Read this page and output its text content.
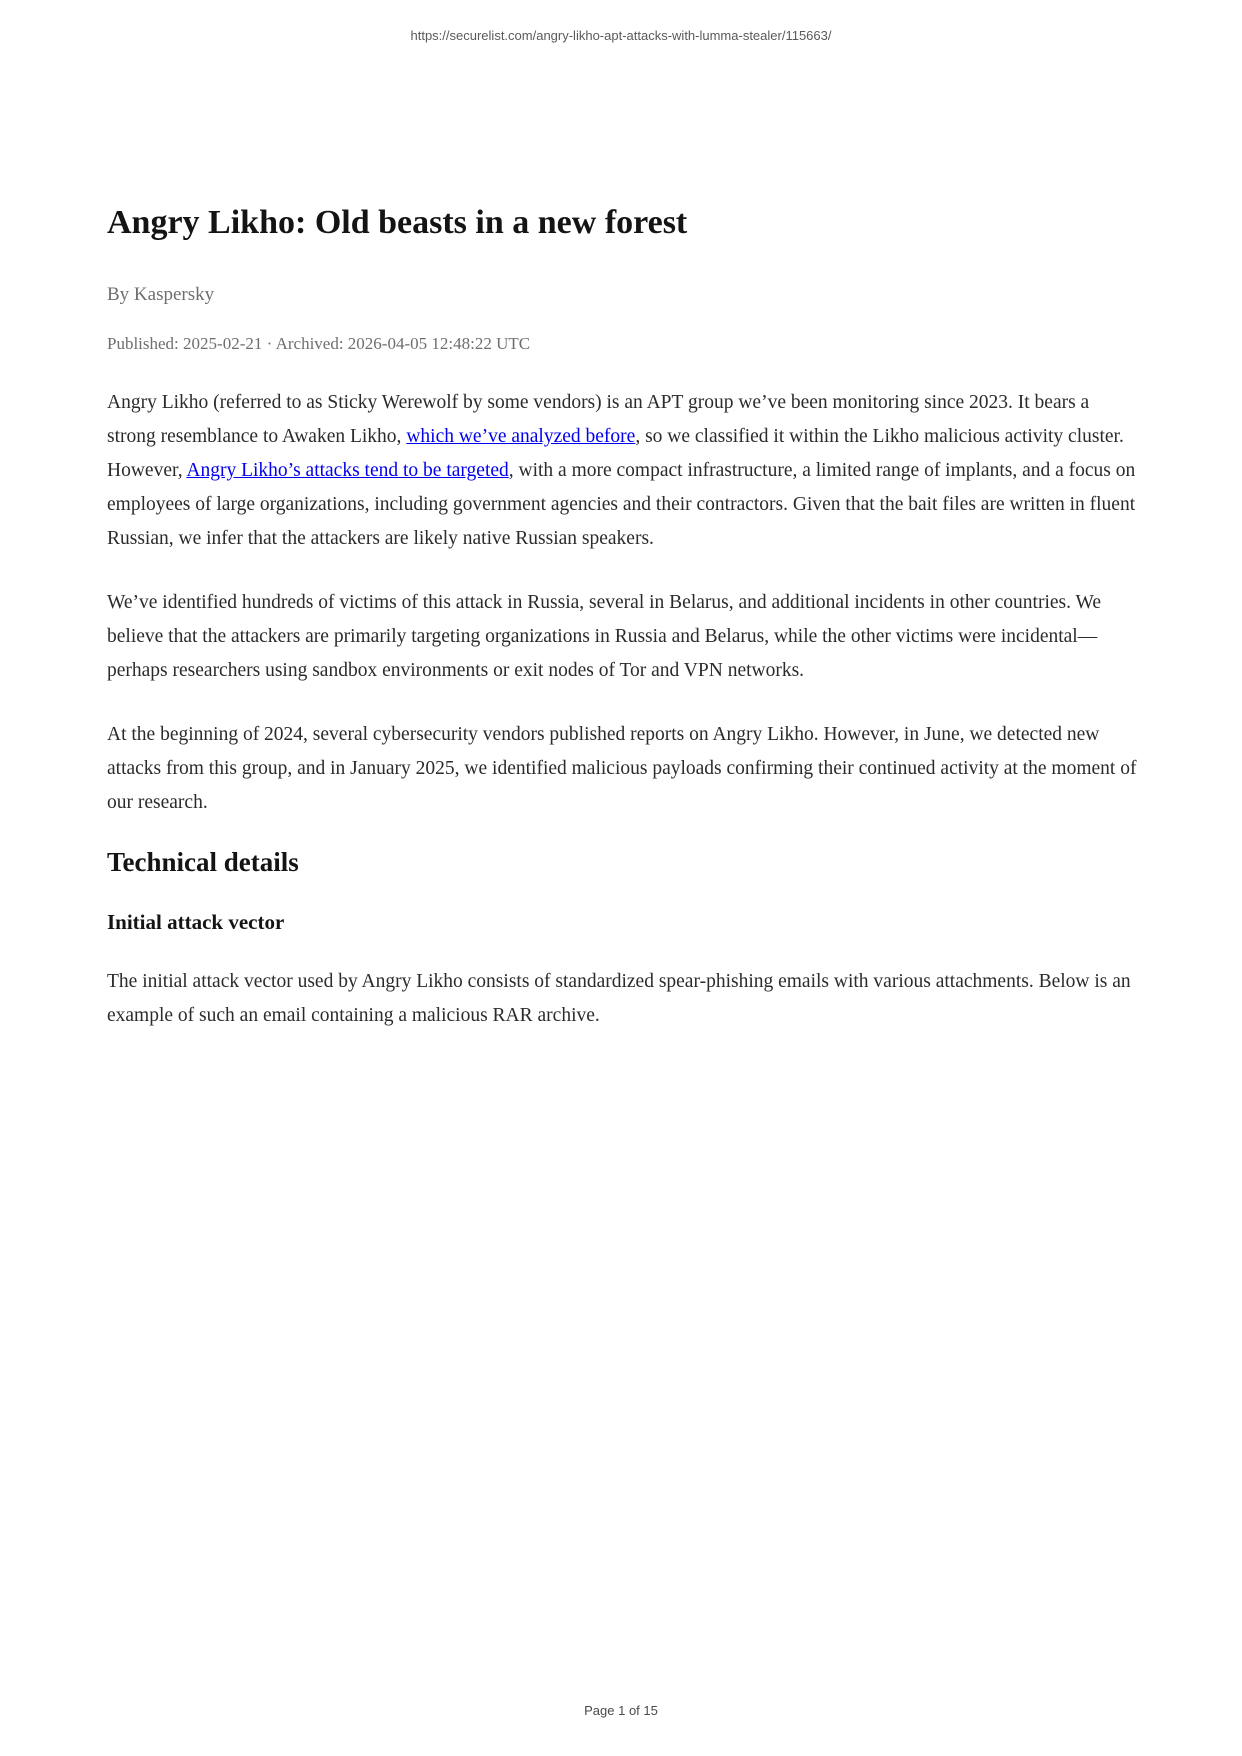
https://securelist.com/angry-likho-apt-attacks-with-lumma-stealer/115663/
Angry Likho: Old beasts in a new forest
By Kaspersky
Published: 2025-02-21 · Archived: 2026-04-05 12:48:22 UTC

Angry Likho (referred to as Sticky Werewolf by some vendors) is an APT group we’ve been monitoring since 2023. It bears a strong resemblance to Awaken Likho, which we’ve analyzed before, so we classified it within the Likho malicious activity cluster. However, Angry Likho’s attacks tend to be targeted, with a more compact infrastructure, a limited range of implants, and a focus on employees of large organizations, including government agencies and their contractors. Given that the bait files are written in fluent Russian, we infer that the attackers are likely native Russian speakers.

We’ve identified hundreds of victims of this attack in Russia, several in Belarus, and additional incidents in other countries. We believe that the attackers are primarily targeting organizations in Russia and Belarus, while the other victims were incidental—perhaps researchers using sandbox environments or exit nodes of Tor and VPN networks.

At the beginning of 2024, several cybersecurity vendors published reports on Angry Likho. However, in June, we detected new attacks from this group, and in January 2025, we identified malicious payloads confirming their continued activity at the moment of our research.

Technical details
Initial attack vector

The initial attack vector used by Angry Likho consists of standardized spear-phishing emails with various attachments. Below is an example of such an email containing a malicious RAR archive.

Page 1 of 15
